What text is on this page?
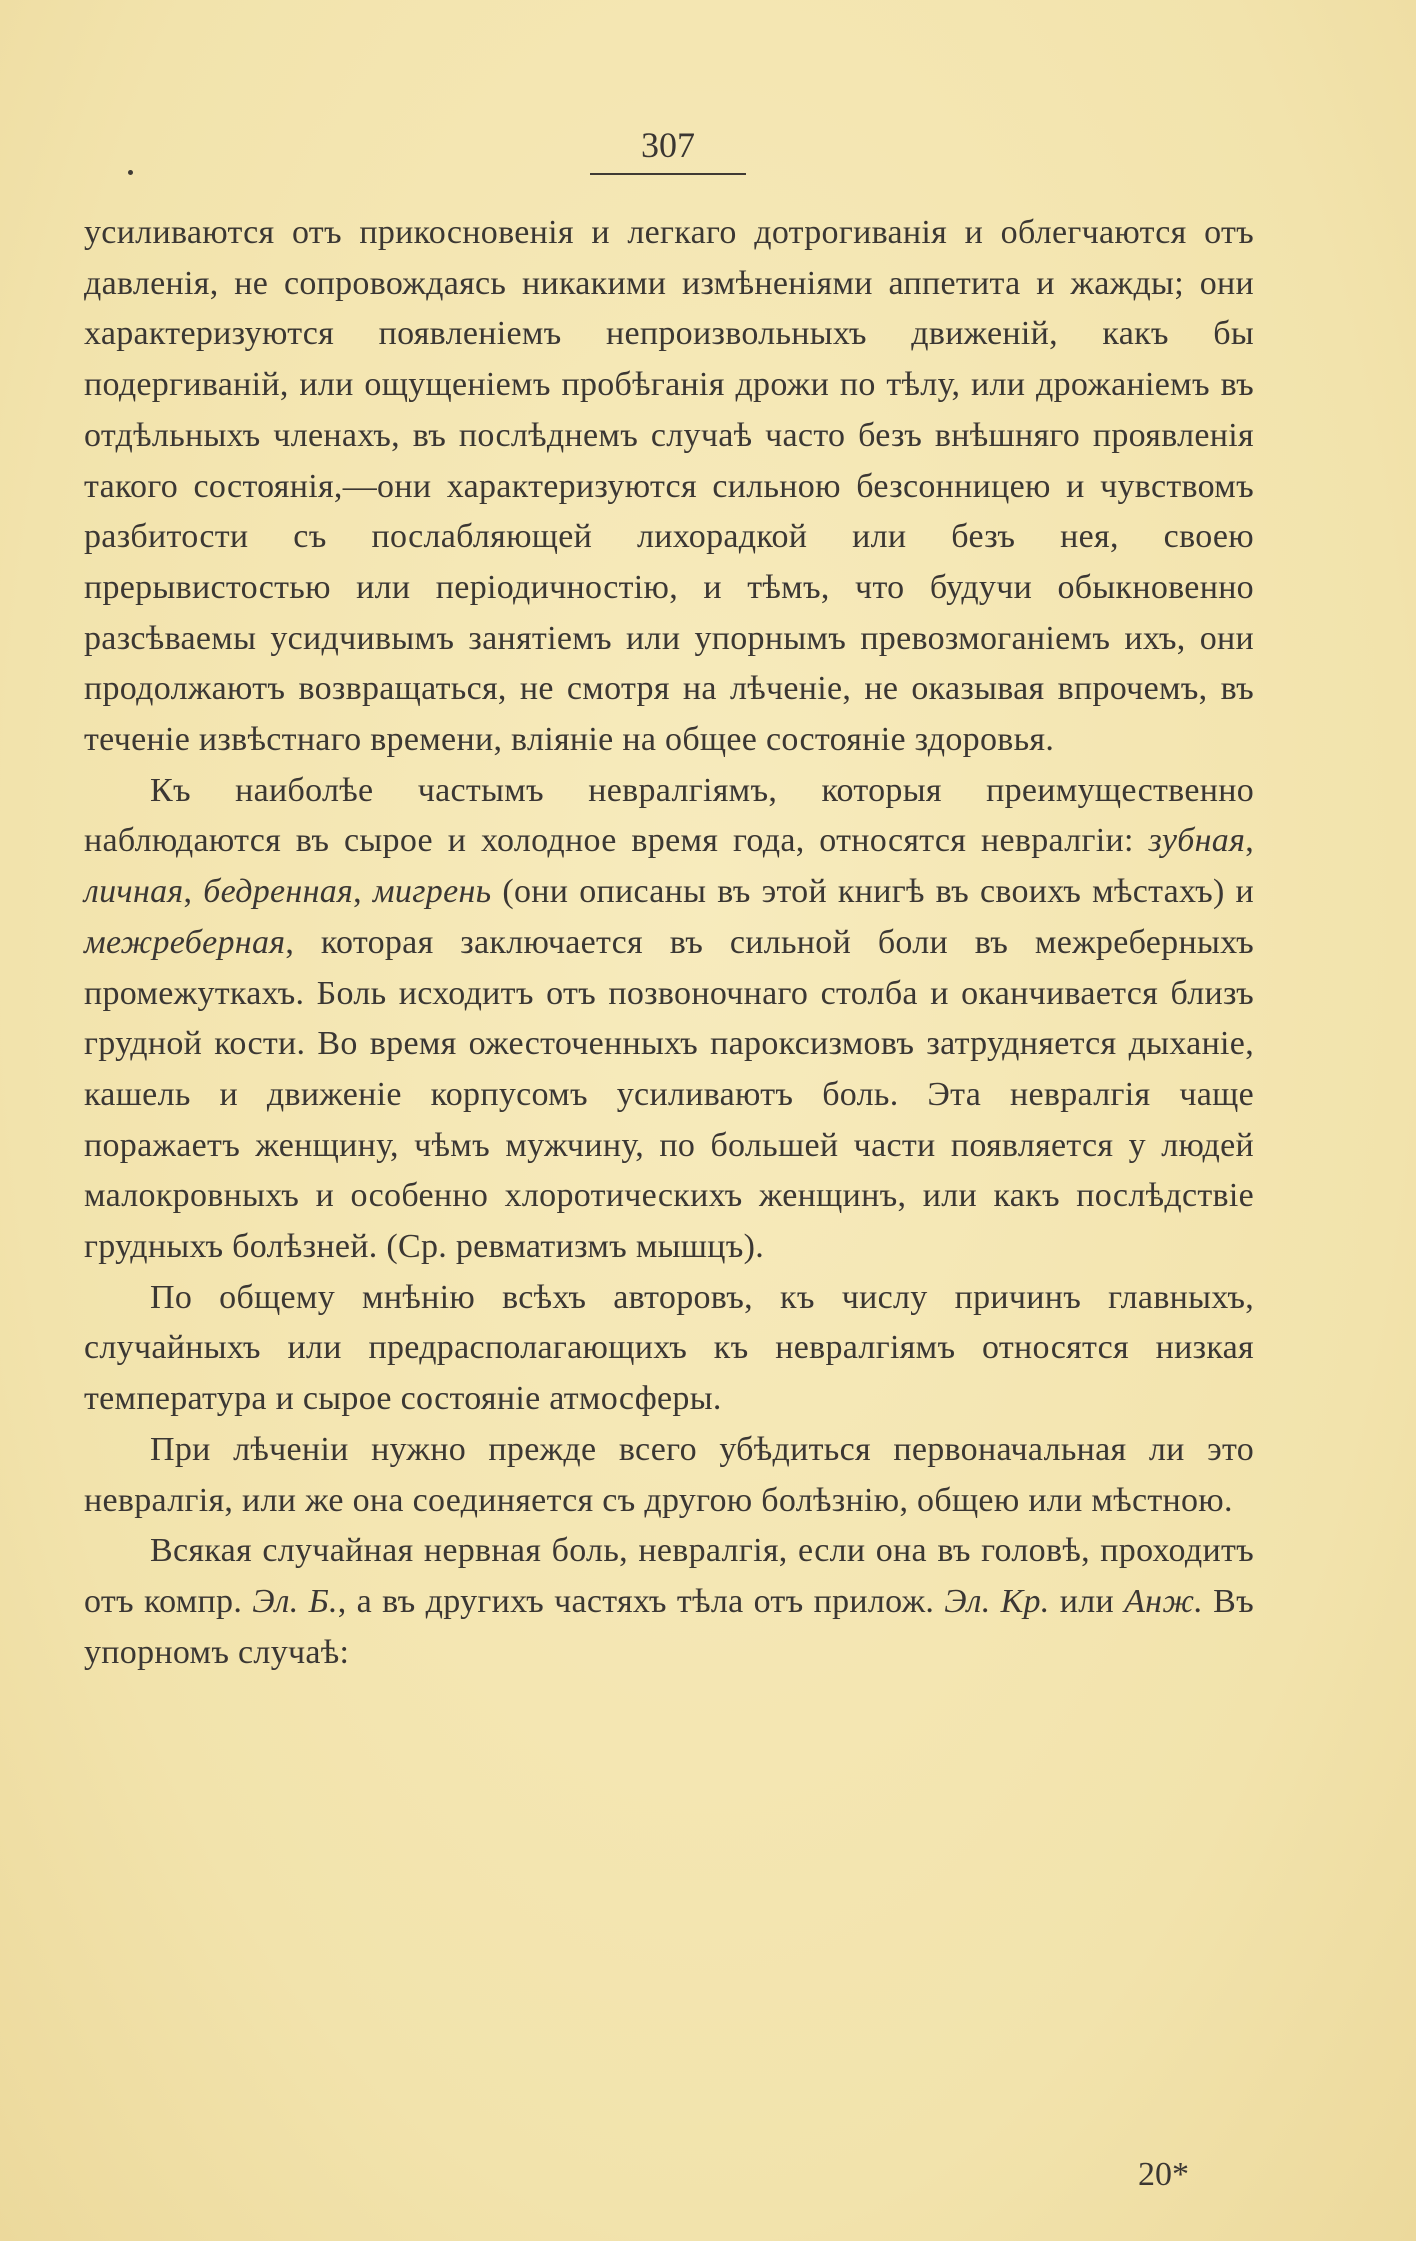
307

усиливаются отъ прикосновенія и легкаго дотрогиванія и облегчаются отъ давленія, не сопровождаясь никакими измѣненіями аппетита и жажды; они характеризуются появленіемъ непроизвольныхъ движеній, какъ бы подергиваній, или ощущеніемъ пробѣганія дрожи по тѣлу, или дрожаніемъ въ отдѣльныхъ членахъ, въ послѣднемъ случаѣ часто безъ внѣшняго проявленія такого состоянія,—они характеризуются сильною безсонницею и чувствомъ разбитости съ послабляющей лихорадкой или безъ нея, своею прерывистостью или періодичностію, и тѣмъ, что будучи обыкновенно разсѣваемы усидчивымъ занятіемъ или упорнымъ превозмоганіемъ ихъ, они продолжаютъ возвращаться, не смотря на лѣченіе, не оказывая впрочемъ, въ теченіе извѣстнаго времени, вліяніе на общее состояніе здоровья.

Къ наиболѣе частымъ невралгіямъ, которыя преимущественно наблюдаются въ сырое и холодное время года, относятся невралгіи: зубная, личная, бедренная, мигрень (они описаны въ этой книгѣ въ своихъ мѣстахъ) и межреберная, которая заключается въ сильной боли въ межреберныхъ промежуткахъ. Боль исходитъ отъ позвоночнаго столба и оканчивается близъ грудной кости. Во время ожесточенныхъ пароксизмовъ затрудняется дыханіе, кашель и движеніе корпусомъ усиливаютъ боль. Эта невралгія чаще поражаетъ женщину, чѣмъ мужчину, по большей части появляется у людей малокровныхъ и особенно хлоротическихъ женщинъ, или какъ послѣдствіе грудныхъ болѣзней. (Ср. ревматизмъ мышцъ).

По общему мнѣнію всѣхъ авторовъ, къ числу причинъ главныхъ, случайныхъ или предрасполагающихъ къ невралгіямъ относятся низкая температура и сырое состояніе атмосферы.

При лѣченіи нужно прежде всего убѣдиться первоначальная ли это невралгія, или же она соединяется съ другою болѣзнію, общею или мѣстною.

Всякая случайная нервная боль, невралгія, если она въ головѣ, проходитъ отъ компр. Эл. Б., а въ другихъ частяхъ тѣла отъ прилож. Эл. Кр. или Анж. Въ упорномъ случаѣ:

20*
